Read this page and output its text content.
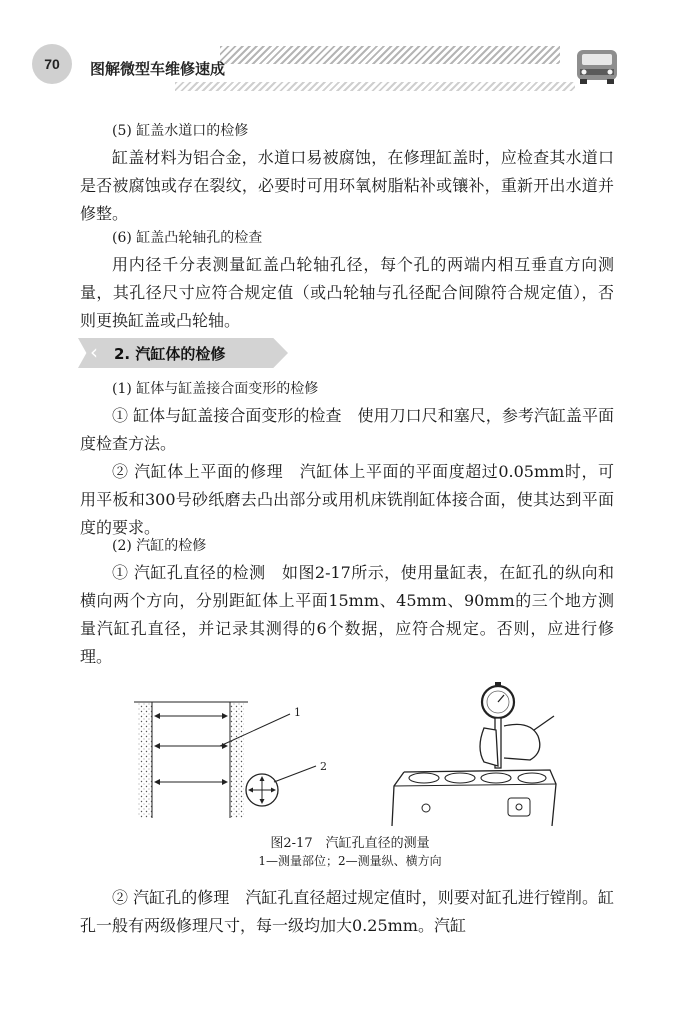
70 图解微型车维修速成

(5) 缸盖水道口的检修

缸盖材料为铝合金，水道口易被腐蚀，在修理缸盖时，应检查其水道口是否被腐蚀或存在裂纹，必要时可用环氧树脂粘补或镶补，重新开出水道并修整。

(6) 缸盖凸轮轴孔的检查

用内径千分表测量缸盖凸轮轴孔径，每个孔的两端内相互垂直方向测量，其孔径尺寸应符合规定值（或凸轮轴与孔径配合间隙符合规定值），否则更换缸盖或凸轮轴。

‹ 2. 汽缸体的检修

(1) 缸体与缸盖接合面变形的检修

① 缸体与缸盖接合面变形的检查　使用刀口尺和塞尺，参考汽缸盖平面度检查方法。

② 汽缸体上平面的修理　汽缸体上平面的平面度超过0.05mm时，可用平板和300号砂纸磨去凸出部分或用机床铣削缸体接合面，使其达到平面度的要求。

(2) 汽缸的检修

① 汽缸孔直径的检测　如图2-17所示，使用量缸表，在缸孔的纵向和横向两个方向，分别距缸体上平面15mm、45mm、90mm的三个地方测量汽缸孔直径，并记录其测得的6个数据，应符合规定。否则，应进行修理。

1
2

图2-17　汽缸孔直径的测量

1—测量部位；2—测量纵、横方向

② 汽缸孔的修理　汽缸孔直径超过规定值时，则要对缸孔进行镗削。缸孔一般有两级修理尺寸，每一级均加大0.25mm。汽缸
